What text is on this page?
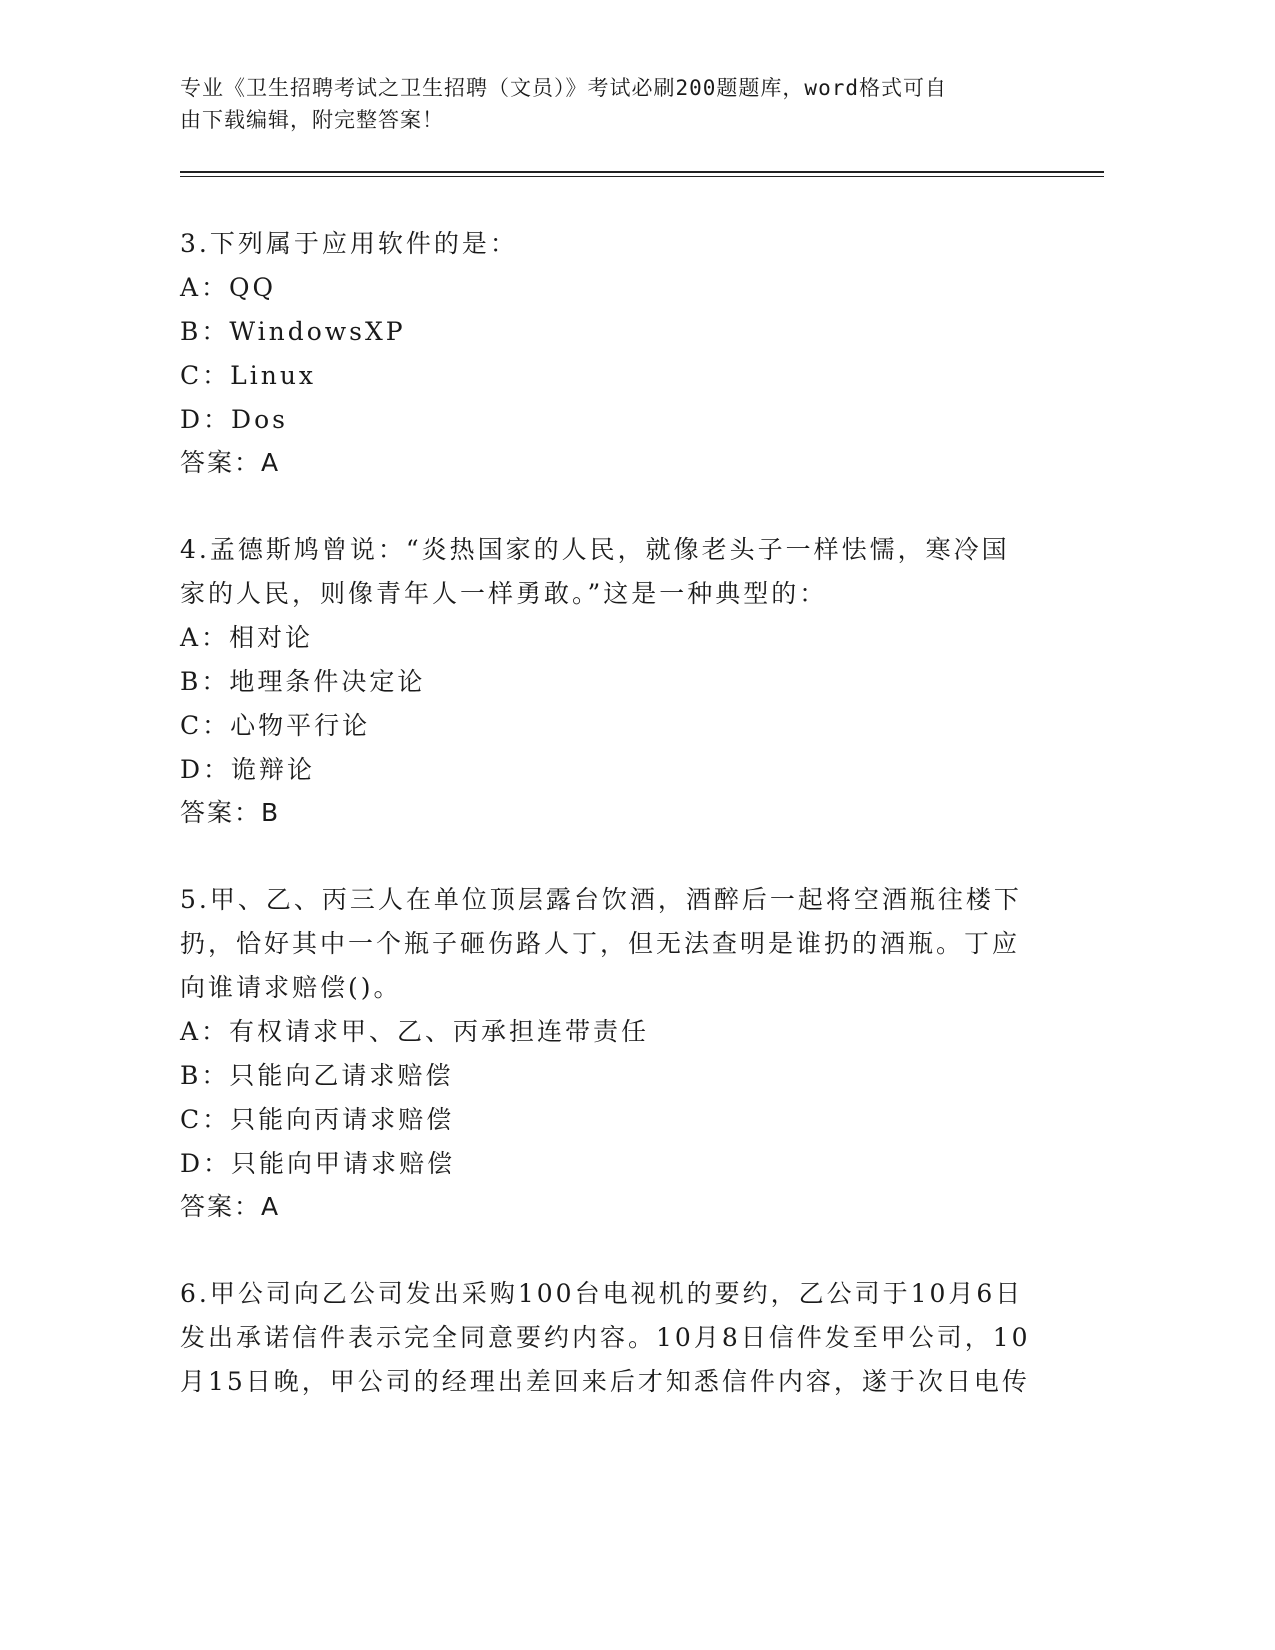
专业《卫生招聘考试之卫生招聘（文员）》考试必刷200题题库，word格式可自
由下载编辑，附完整答案！

3.下列属于应用软件的是：

A：QQ

B：WindowsXP

C：Linux

D：Dos

答案：A

4.孟德斯鸠曾说：“炎热国家的人民，就像老头子一样怯懦，寒冷国

家的人民，则像青年人一样勇敢。”这是一种典型的：

A：相对论

B：地理条件决定论

C：心物平行论

D：诡辩论

答案：B

5.甲、乙、丙三人在单位顶层露台饮酒，酒醉后一起将空酒瓶往楼下

扔，恰好其中一个瓶子砸伤路人丁，但无法查明是谁扔的酒瓶。丁应

向谁请求赔偿()。

A：有权请求甲、乙、丙承担连带责任

B：只能向乙请求赔偿

C：只能向丙请求赔偿

D：只能向甲请求赔偿

答案：A

6.甲公司向乙公司发出采购100台电视机的要约，乙公司于10月6日

发出承诺信件表示完全同意要约内容。10月8日信件发至甲公司，10

月15日晚，甲公司的经理出差回来后才知悉信件内容，遂于次日电传
